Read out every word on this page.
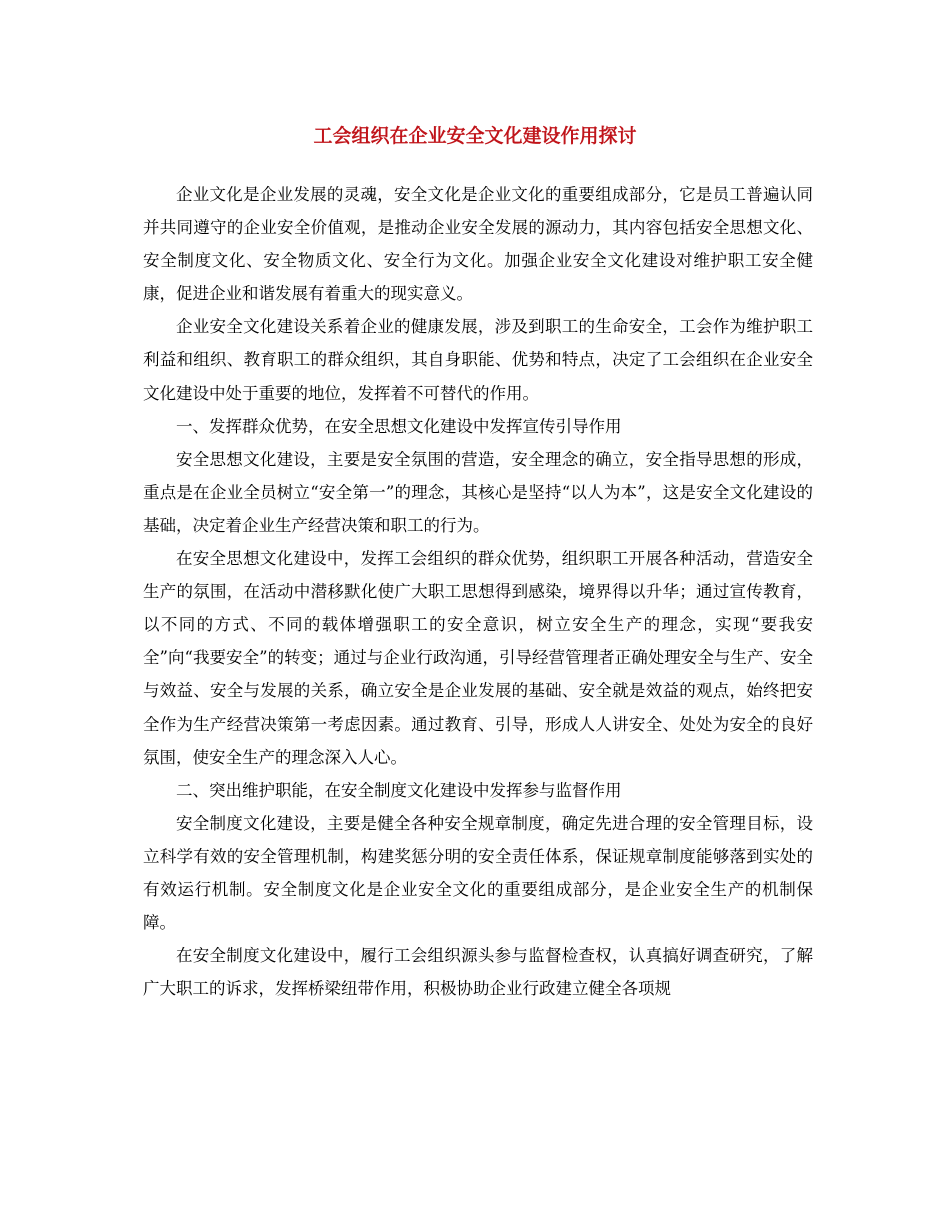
工会组织在企业安全文化建设作用探讨

企业文化是企业发展的灵魂，安全文化是企业文化的重要组成部分，它是员工普遍认同并共同遵守的企业安全价值观，是推动企业安全发展的源动力，其内容包括安全思想文化、安全制度文化、安全物质文化、安全行为文化。加强企业安全文化建设对维护职工安全健康，促进企业和谐发展有着重大的现实意义。

企业安全文化建设关系着企业的健康发展，涉及到职工的生命安全，工会作为维护职工利益和组织、教育职工的群众组织，其自身职能、优势和特点，决定了工会组织在企业安全文化建设中处于重要的地位，发挥着不可替代的作用。

一、发挥群众优势，在安全思想文化建设中发挥宣传引导作用

安全思想文化建设，主要是安全氛围的营造，安全理念的确立，安全指导思想的形成，重点是在企业全员树立“安全第一”的理念，其核心是坚持“以人为本”，这是安全文化建设的基础，决定着企业生产经营决策和职工的行为。

在安全思想文化建设中，发挥工会组织的群众优势，组织职工开展各种活动，营造安全生产的氛围，在活动中潜移默化使广大职工思想得到感染，境界得以升华；通过宣传教育，以不同的方式、不同的载体增强职工的安全意识，树立安全生产的理念，实现“要我安全”向“我要安全”的转变；通过与企业行政沟通，引导经营管理者正确处理安全与生产、安全与效益、安全与发展的关系，确立安全是企业发展的基础、安全就是效益的观点，始终把安全作为生产经营决策第一考虑因素。通过教育、引导，形成人人讲安全、处处为安全的良好氛围，使安全生产的理念深入人心。

二、突出维护职能，在安全制度文化建设中发挥参与监督作用

安全制度文化建设，主要是健全各种安全规章制度，确定先进合理的安全管理目标，设立科学有效的安全管理机制，构建奖惩分明的安全责任体系，保证规章制度能够落到实处的有效运行机制。安全制度文化是企业安全文化的重要组成部分，是企业安全生产的机制保障。

在安全制度文化建设中，履行工会组织源头参与监督检查权，认真搞好调查研究，了解广大职工的诉求，发挥桥梁纽带作用，积极协助企业行政建立健全各项规
